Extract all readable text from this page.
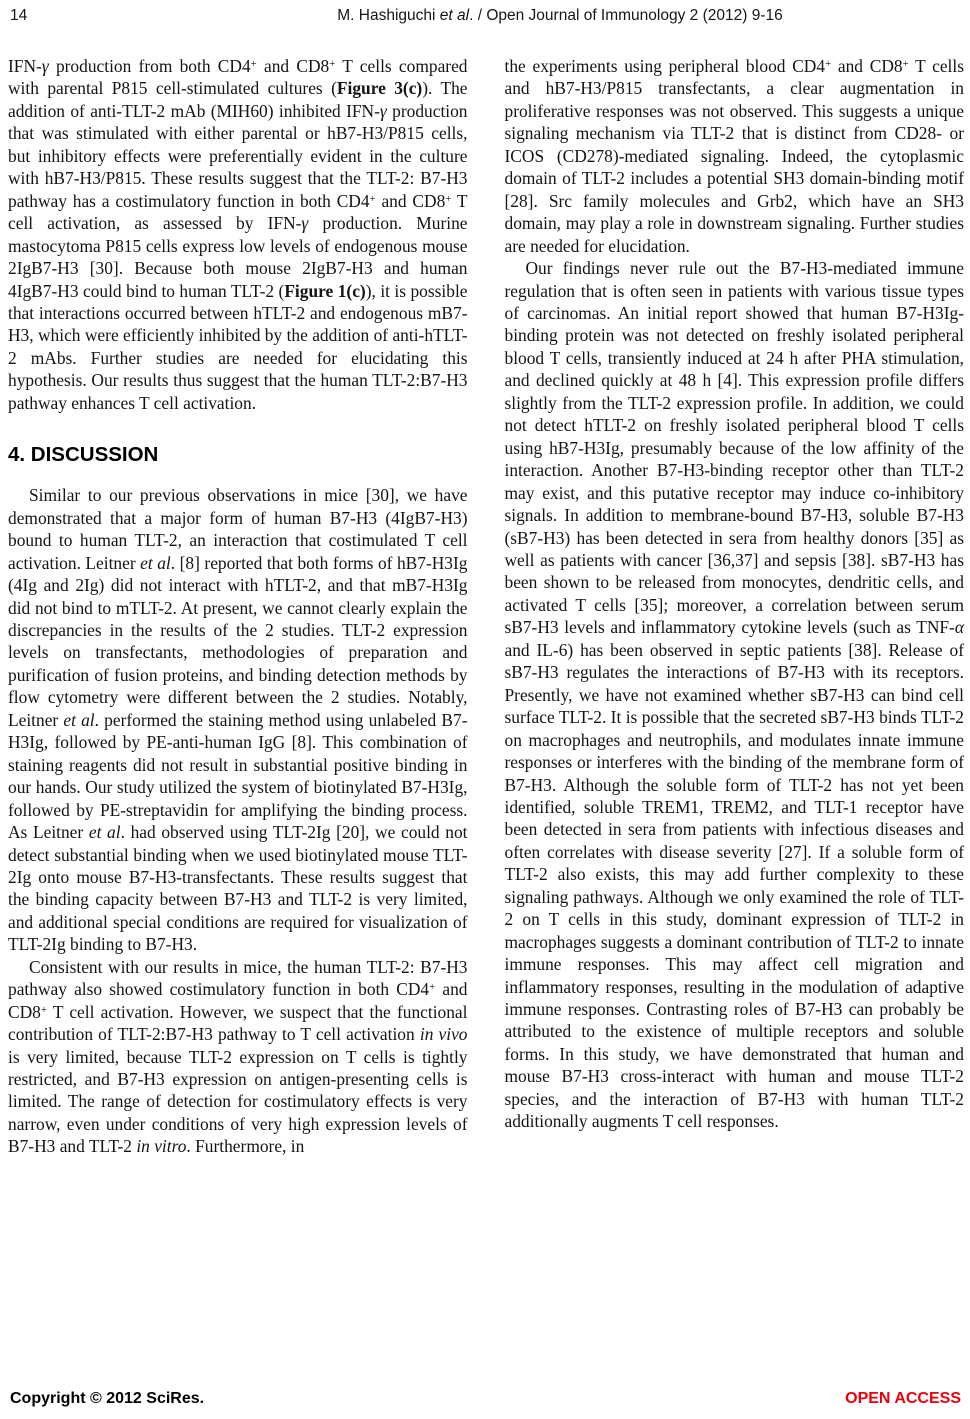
14	M. Hashiguchi et al. / Open Journal of Immunology 2 (2012) 9-16

IFN-γ production from both CD4+ and CD8+ T cells compared with parental P815 cell-stimulated cultures (Figure 3(c)). The addition of anti-TLT-2 mAb (MIH60) inhibited IFN-γ production that was stimulated with either parental or hB7-H3/P815 cells, but inhibitory effects were preferentially evident in the culture with hB7-H3/P815. These results suggest that the TLT-2: B7-H3 pathway has a costimulatory function in both CD4+ and CD8+ T cell activation, as assessed by IFN-γ production. Murine mastocytoma P815 cells express low levels of endogenous mouse 2IgB7-H3 [30]. Because both mouse 2IgB7-H3 and human 4IgB7-H3 could bind to human TLT-2 (Figure 1(c)), it is possible that interactions occurred between hTLT-2 and endogenous mB7-H3, which were efficiently inhibited by the addition of anti-hTLT-2 mAbs. Further studies are needed for elucidating this hypothesis. Our results thus suggest that the human TLT-2:B7-H3 pathway enhances T cell activation.

4. DISCUSSION

Similar to our previous observations in mice [30], we have demonstrated that a major form of human B7-H3 (4IgB7-H3) bound to human TLT-2, an interaction that costimulated T cell activation. Leitner et al. [8] reported that both forms of hB7-H3Ig (4Ig and 2Ig) did not interact with hTLT-2, and that mB7-H3Ig did not bind to mTLT-2. At present, we cannot clearly explain the discrepancies in the results of the 2 studies. TLT-2 expression levels on transfectants, methodologies of preparation and purification of fusion proteins, and binding detection methods by flow cytometry were different between the 2 studies. Notably, Leitner et al. performed the staining method using unlabeled B7-H3Ig, followed by PE-anti-human IgG [8]. This combination of staining reagents did not result in substantial positive binding in our hands. Our study utilized the system of biotinylated B7-H3Ig, followed by PE-streptavidin for amplifying the binding process. As Leitner et al. had observed using TLT-2Ig [20], we could not detect substantial binding when we used biotinylated mouse TLT-2Ig onto mouse B7-H3-transfectants. These results suggest that the binding capacity between B7-H3 and TLT-2 is very limited, and additional special conditions are required for visualization of TLT-2Ig binding to B7-H3.

Consistent with our results in mice, the human TLT-2: B7-H3 pathway also showed costimulatory function in both CD4+ and CD8+ T cell activation. However, we suspect that the functional contribution of TLT-2:B7-H3 pathway to T cell activation in vivo is very limited, because TLT-2 expression on T cells is tightly restricted, and B7-H3 expression on antigen-presenting cells is limited. The range of detection for costimulatory effects is very narrow, even under conditions of very high expression levels of B7-H3 and TLT-2 in vitro. Furthermore, in

the experiments using peripheral blood CD4+ and CD8+ T cells and hB7-H3/P815 transfectants, a clear augmentation in proliferative responses was not observed. This suggests a unique signaling mechanism via TLT-2 that is distinct from CD28- or ICOS (CD278)-mediated signaling. Indeed, the cytoplasmic domain of TLT-2 includes a potential SH3 domain-binding motif [28]. Src family molecules and Grb2, which have an SH3 domain, may play a role in downstream signaling. Further studies are needed for elucidation.

Our findings never rule out the B7-H3-mediated immune regulation that is often seen in patients with various tissue types of carcinomas. An initial report showed that human B7-H3Ig-binding protein was not detected on freshly isolated peripheral blood T cells, transiently induced at 24 h after PHA stimulation, and declined quickly at 48 h [4]. This expression profile differs slightly from the TLT-2 expression profile. In addition, we could not detect hTLT-2 on freshly isolated peripheral blood T cells using hB7-H3Ig, presumably because of the low affinity of the interaction. Another B7-H3-binding receptor other than TLT-2 may exist, and this putative receptor may induce co-inhibitory signals. In addition to membrane-bound B7-H3, soluble B7-H3 (sB7-H3) has been detected in sera from healthy donors [35] as well as patients with cancer [36,37] and sepsis [38]. sB7-H3 has been shown to be released from monocytes, dendritic cells, and activated T cells [35]; moreover, a correlation between serum sB7-H3 levels and inflammatory cytokine levels (such as TNF-α and IL-6) has been observed in septic patients [38]. Release of sB7-H3 regulates the interactions of B7-H3 with its receptors. Presently, we have not examined whether sB7-H3 can bind cell surface TLT-2. It is possible that the secreted sB7-H3 binds TLT-2 on macrophages and neutrophils, and modulates innate immune responses or interferes with the binding of the membrane form of B7-H3. Although the soluble form of TLT-2 has not yet been identified, soluble TREM1, TREM2, and TLT-1 receptor have been detected in sera from patients with infectious diseases and often correlates with disease severity [27]. If a soluble form of TLT-2 also exists, this may add further complexity to these signaling pathways. Although we only examined the role of TLT-2 on T cells in this study, dominant expression of TLT-2 in macrophages suggests a dominant contribution of TLT-2 to innate immune responses. This may affect cell migration and inflammatory responses, resulting in the modulation of adaptive immune responses. Contrasting roles of B7-H3 can probably be attributed to the existence of multiple receptors and soluble forms. In this study, we have demonstrated that human and mouse B7-H3 cross-interact with human and mouse TLT-2 species, and the interaction of B7-H3 with human TLT-2 additionally augments T cell responses.

Copyright © 2012 SciRes.	OPEN ACCESS
